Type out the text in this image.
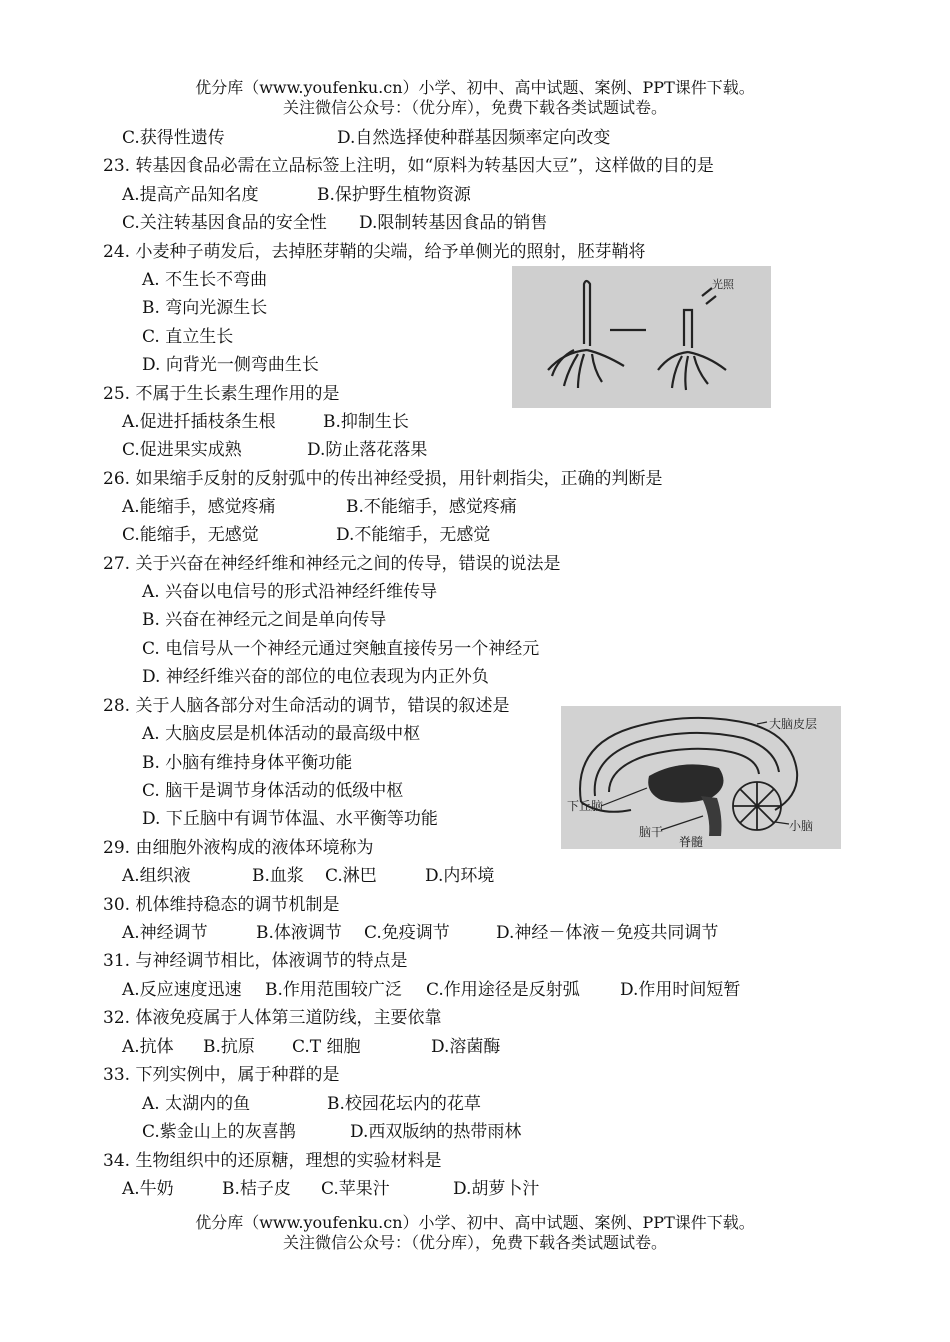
优分库（www.youfenku.cn）小学、初中、高中试题、案例、PPT课件下载。
关注微信公众号：（优分库），免费下载各类试题试卷。
C.获得性遗传	D.自然选择使种群基因频率定向改变
23. 转基因食品必需在立品标签上注明，如“原料为转基因大豆”，这样做的目的是
A.提高产品知名度	B.保护野生植物资源
C.关注转基因食品的安全性 D.限制转基因食品的销售
24. 小麦种子萌发后，去掉胚芽鞘的尖端，给予单侧光的照射，胚芽鞘将
A. 不生长不弯曲
B. 弯向光源生长
C. 直立生长
D. 向背光一侧弯曲生长
光照
25. 不属于生长素生理作用的是
A.促进扦插枝条生根	B.抑制生长
C.促进果实成熟	D.防止落花落果
26. 如果缩手反射的反射弧中的传出神经受损，用针刺指尖，正确的判断是
A.能缩手，感觉疼痛	B.不能缩手，感觉疼痛
C.能缩手，无感觉	D.不能缩手，无感觉
27. 关于兴奋在神经纤维和神经元之间的传导，错误的说法是
A. 兴奋以电信号的形式沿神经纤维传导
B. 兴奋在神经元之间是单向传导
C. 电信号从一个神经元通过突触直接传另一个神经元
D. 神经纤维兴奋的部位的电位表现为内正外负
28. 关于人脑各部分对生命活动的调节，错误的叙述是
A. 大脑皮层是机体活动的最高级中枢
B. 小脑有维持身体平衡功能
C. 脑干是调节身体活动的低级中枢
D. 下丘脑中有调节体温、水平衡等功能
大脑皮层
下丘脑
小脑
脑干
脊髓
29. 由细胞外液构成的液体环境称为
A.组织液	B.血浆 C.淋巴	D.内环境
30. 机体维持稳态的调节机制是
A.神经调节	B.体液调节 C.免疫调节	D.神经－体液－免疫共同调节
31. 与神经调节相比，体液调节的特点是
A.反应速度迅速 B.作用范围较广泛 C.作用途径是反射弧 D.作用时间短暂
32. 体液免疫属于人体第三道防线，主要依靠
A.抗体 B.抗原 C.T 细胞	D.溶菌酶
33. 下列实例中，属于种群的是
A. 太湖内的鱼	B.校园花坛内的花草
C.紫金山上的灰喜鹊	D.西双版纳的热带雨林
34. 生物组织中的还原糖，理想的实验材料是
A.牛奶	B.桔子皮 C.苹果汁	D.胡萝卜汁
优分库（www.youfenku.cn）小学、初中、高中试题、案例、PPT课件下载。
关注微信公众号：（优分库），免费下载各类试题试卷。
